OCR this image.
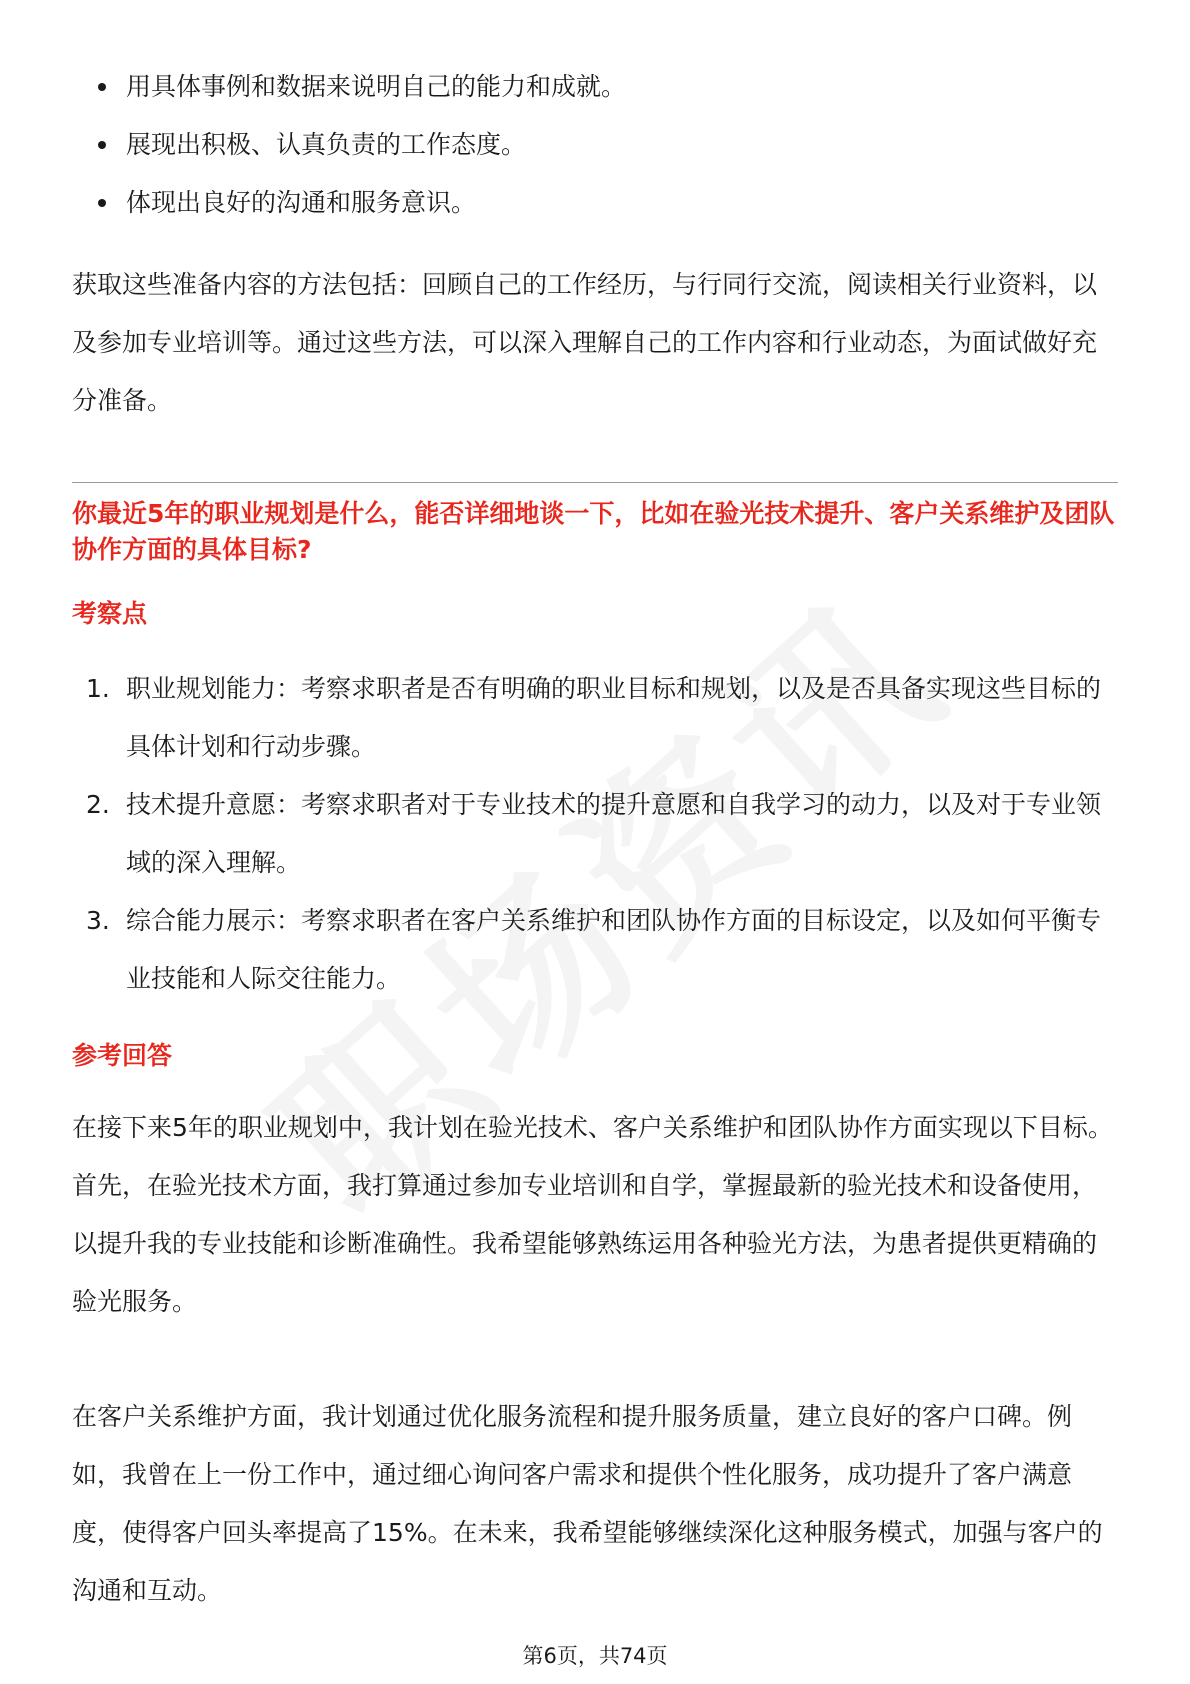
用具体事例和数据来说明自己的能力和成就。
展现出积极、认真负责的工作态度。
体现出良好的沟通和服务意识。

获取这些准备内容的方法包括：回顾自己的工作经历，与行同行交流，阅读相关行业资料，以及参加专业培训等。通过这些方法，可以深入理解自己的工作内容和行业动态，为面试做好充分准备。

你最近5年的职业规划是什么，能否详细地谈一下，比如在验光技术提升、客户关系维护及团队协作方面的具体目标?
考察点
1. 职业规划能力：考察求职者是否有明确的职业目标和规划，以及是否具备实现这些目标的具体计划和行动步骤。
2. 技术提升意愿：考察求职者对于专业技术的提升意愿和自我学习的动力，以及对于专业领域的深入理解。
3. 综合能力展示：考察求职者在客户关系维护和团队协作方面的目标设定，以及如何平衡专业技能和人际交往能力。
参考回答

在接下来5年的职业规划中，我计划在验光技术、客户关系维护和团队协作方面实现以下目标。首先，在验光技术方面，我打算通过参加专业培训和自学，掌握最新的验光技术和设备使用，以提升我的专业技能和诊断准确性。我希望能够熟练运用各种验光方法，为患者提供更精确的验光服务。

在客户关系维护方面，我计划通过优化服务流程和提升服务质量，建立良好的客户口碑。例如，我曾在上一份工作中，通过细心询问客户需求和提供个性化服务，成功提升了客户满意度，使得客户回头率提高了15%。在未来，我希望能够继续深化这种服务模式，加强与客户的沟通和互动。

第6页，共74页
